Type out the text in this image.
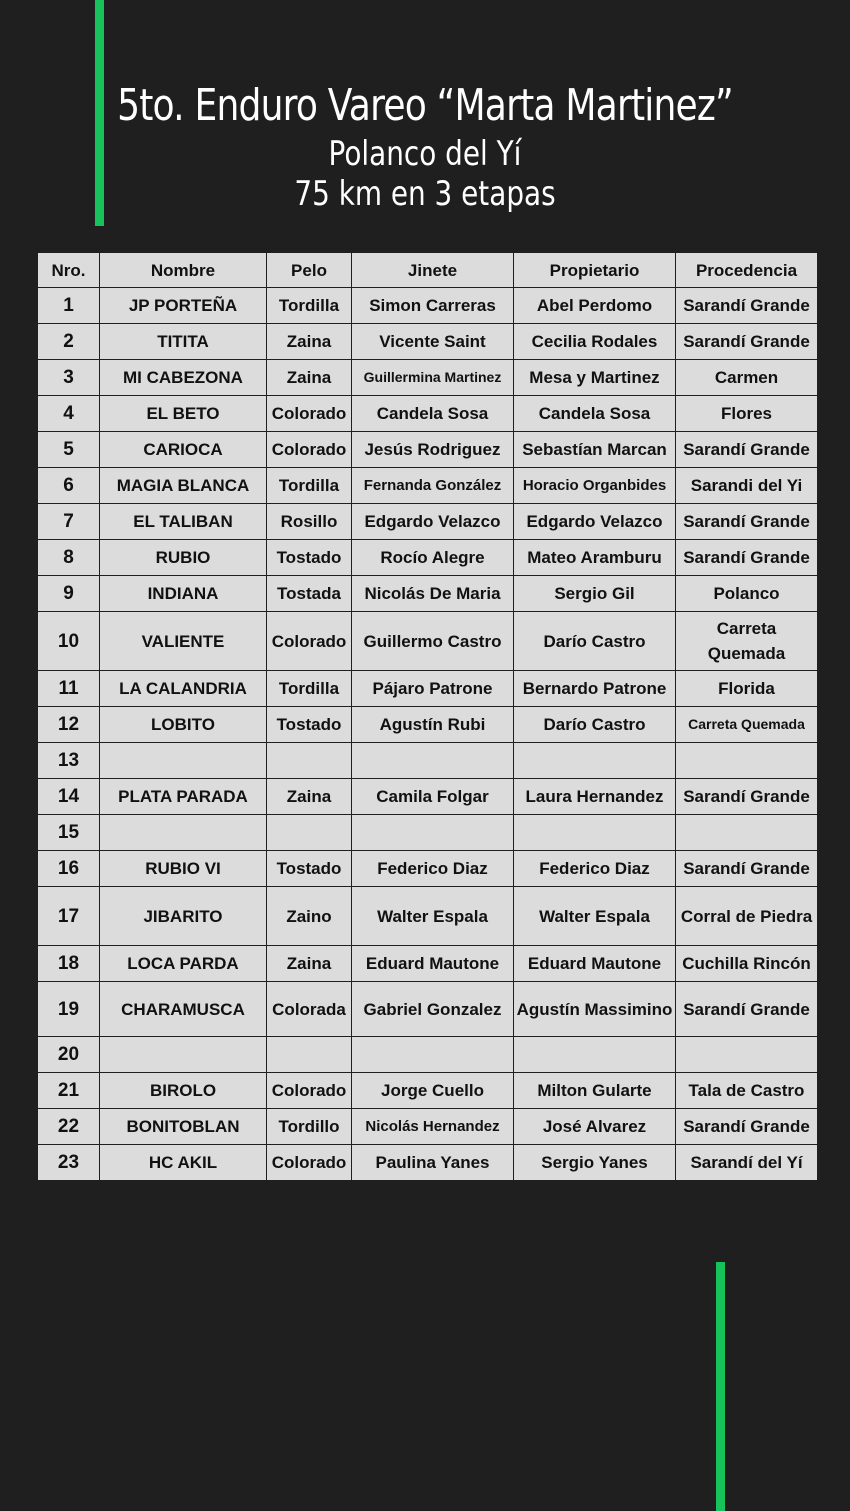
5to. Enduro Vareo “Marta Martinez”
Polanco del Yí
75 km en 3 etapas
Nro.	Nombre	Pelo	Jinete	Propietario	Procedencia
1	JP PORTEÑA	Tordilla	Simon Carreras	Abel Perdomo	Sarandí Grande
2	TITITA	Zaina	Vicente Saint	Cecilia Rodales	Sarandí Grande
3	MI CABEZONA	Zaina	Guillermina Martinez	Mesa y Martinez	Carmen
4	EL BETO	Colorado	Candela Sosa	Candela Sosa	Flores
5	CARIOCA	Colorado	Jesús Rodriguez	Sebastían Marcan	Sarandí Grande
6	MAGIA BLANCA	Tordilla	Fernanda González	Horacio Organbides	Sarandi del Yi
7	EL TALIBAN	Rosillo	Edgardo Velazco	Edgardo Velazco	Sarandí Grande
8	RUBIO	Tostado	Rocío Alegre	Mateo Aramburu	Sarandí Grande
9	INDIANA	Tostada	Nicolás De Maria	Sergio Gil	Polanco
10	VALIENTE	Colorado	Guillermo Castro	Darío Castro	Carreta Quemada
11	LA CALANDRIA	Tordilla	Pájaro Patrone	Bernardo Patrone	Florida
12	LOBITO	Tostado	Agustín Rubi	Darío Castro	Carreta Quemada
13					
14	PLATA PARADA	Zaina	Camila Folgar	Laura Hernandez	Sarandí Grande
15					
16	RUBIO VI	Tostado	Federico Diaz	Federico Diaz	Sarandí Grande
17	JIBARITO	Zaino	Walter Espala	Walter Espala	Corral de Piedra
18	LOCA PARDA	Zaina	Eduard Mautone	Eduard Mautone	Cuchilla Rincón
19	CHARAMUSCA	Colorada	Gabriel Gonzalez	Agustín Massimino	Sarandí Grande
20					
21	BIROLO	Colorado	Jorge Cuello	Milton Gularte	Tala de Castro
22	BONITOBLAN	Tordillo	Nicolás Hernandez	José Alvarez	Sarandí Grande
23	HC AKIL	Colorado	Paulina Yanes	Sergio Yanes	Sarandí del Yí
